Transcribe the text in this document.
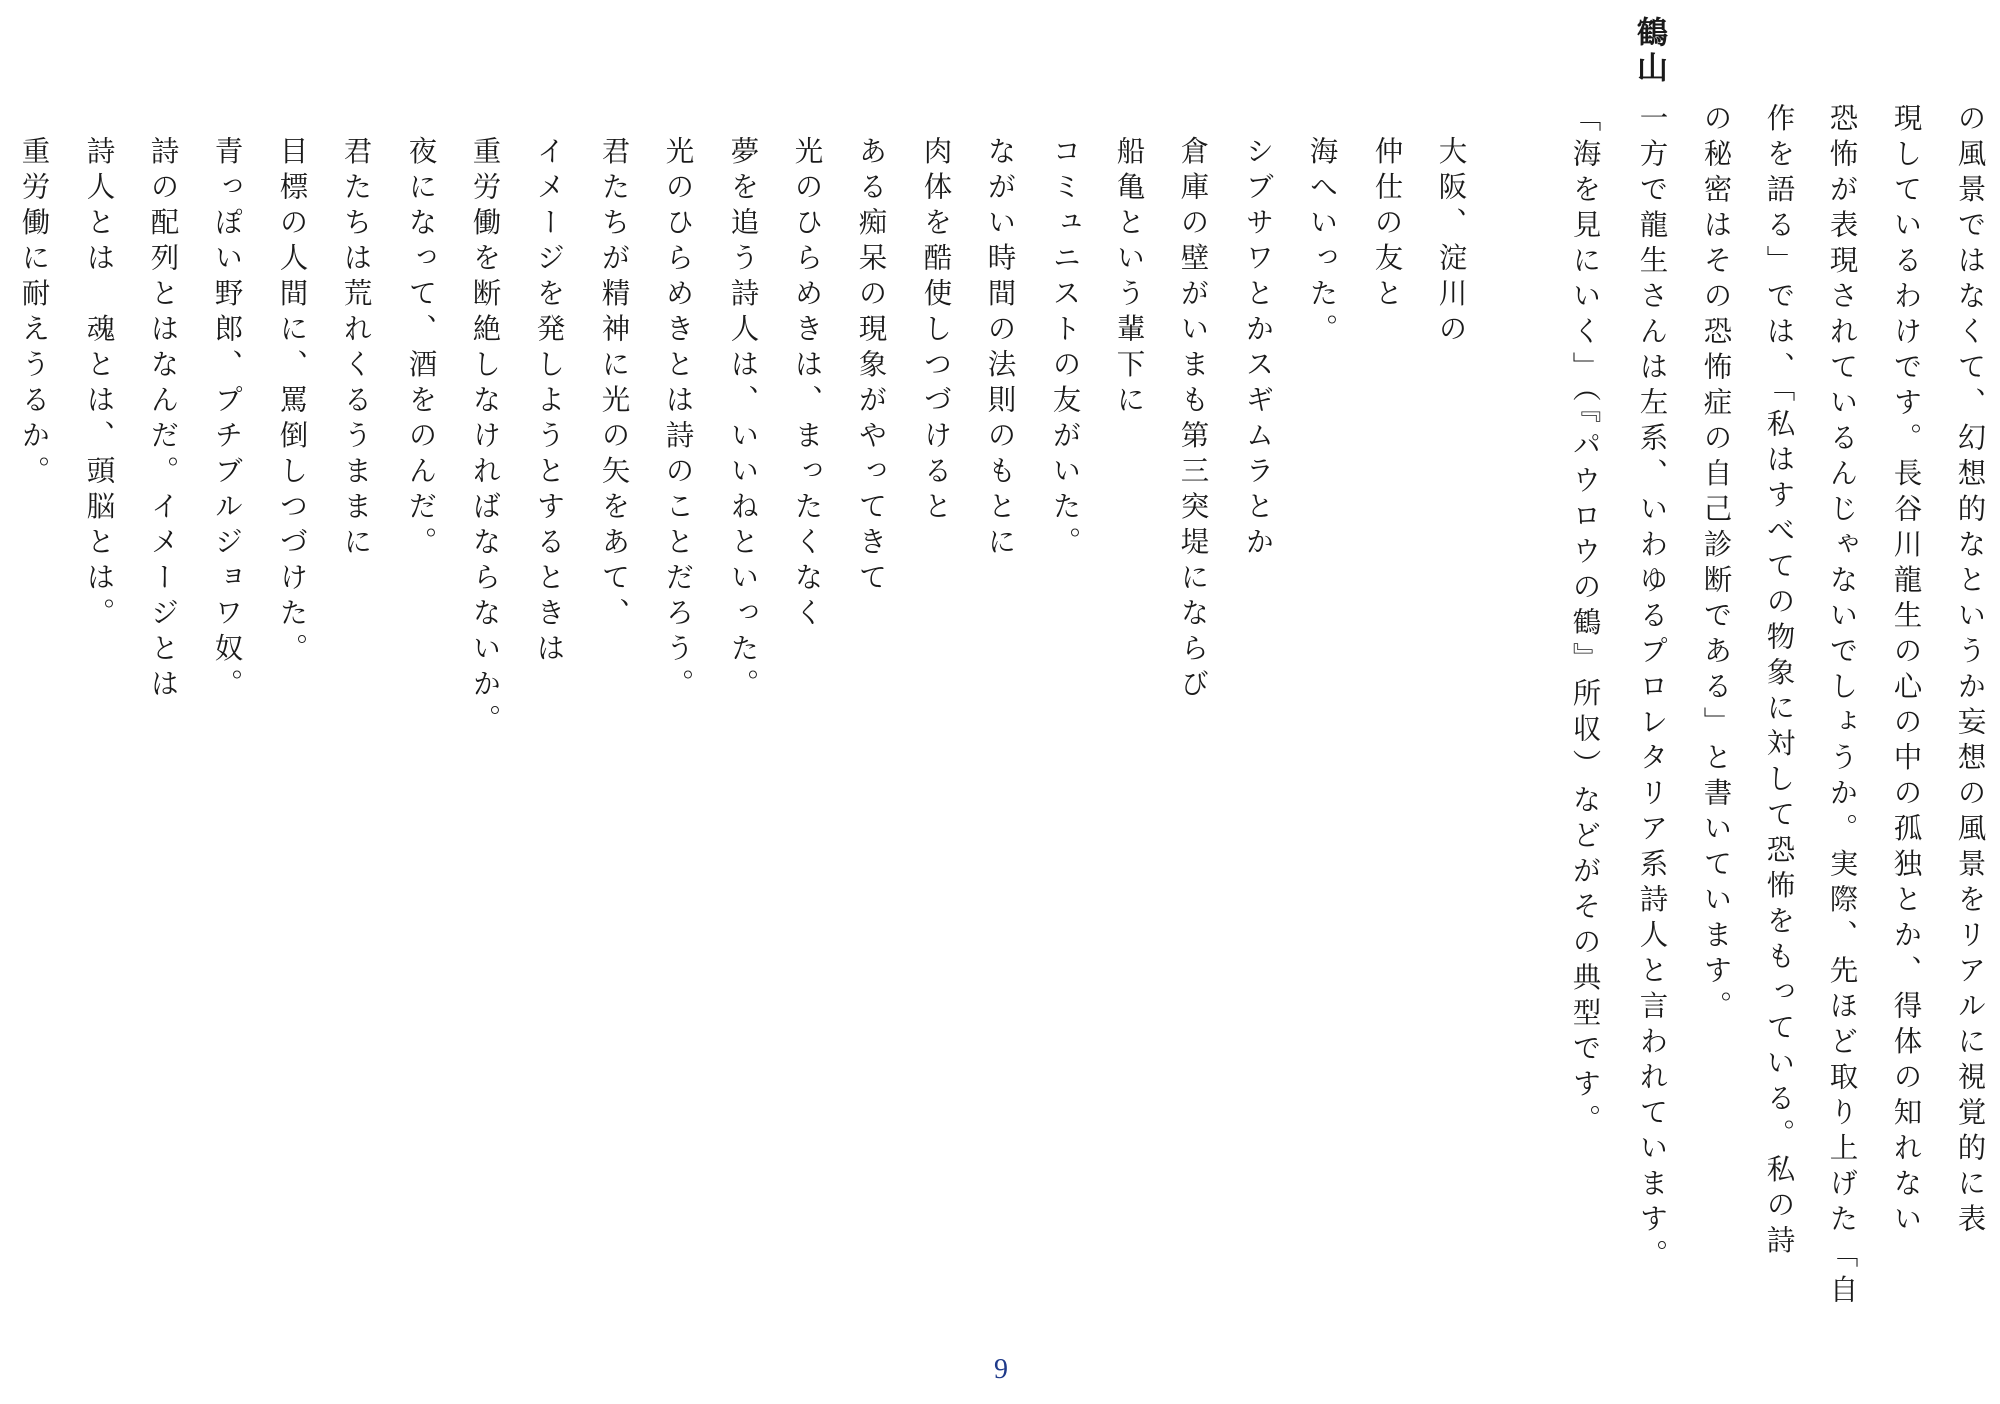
の風景ではなくて、幻想的なというか妄想の風景をリアルに視覚的に表
現しているわけです。長谷川龍生の心の中の孤独とか、得体の知れない
恐怖が表現されているんじゃないでしょうか。実際、先ほど取り上げた「自
作を語る」では、「私はすべての物象に対して恐怖をもっている。私の詩
の秘密はその恐怖症の自己診断である」と書いています。
一方で龍生さんは左系、いわゆるプロレタリア系詩人と言われています。
「海を見にいく」（『パウロウの鶴』所収）などがその典型です。
鶴山
大阪、淀川の
仲仕の友と
海へいった。
シブサワとかスギムラとか
倉庫の壁がいまも第三突堤にならび
船亀という輩下に
コミュニストの友がいた。
ながい時間の法則のもとに
肉体を酷使しつづけると
ある痴呆の現象がやってきて
光のひらめきは、まったくなく
夢を追う詩人は、いいねといった。
光のひらめきとは詩のことだろう。
君たちが精神に光の矢をあて、
イメージを発しようとするときは
重労働を断絶しなければならないか。
夜になって、酒をのんだ。
君たちは荒れくるうままに
目標の人間に、罵倒しつづけた。
青っぽい野郎、プチブルジョワ奴。
詩の配列とはなんだ。イメージとは
詩人とは　魂とは、頭脳とは。
重労働に耐えうるか。
9
